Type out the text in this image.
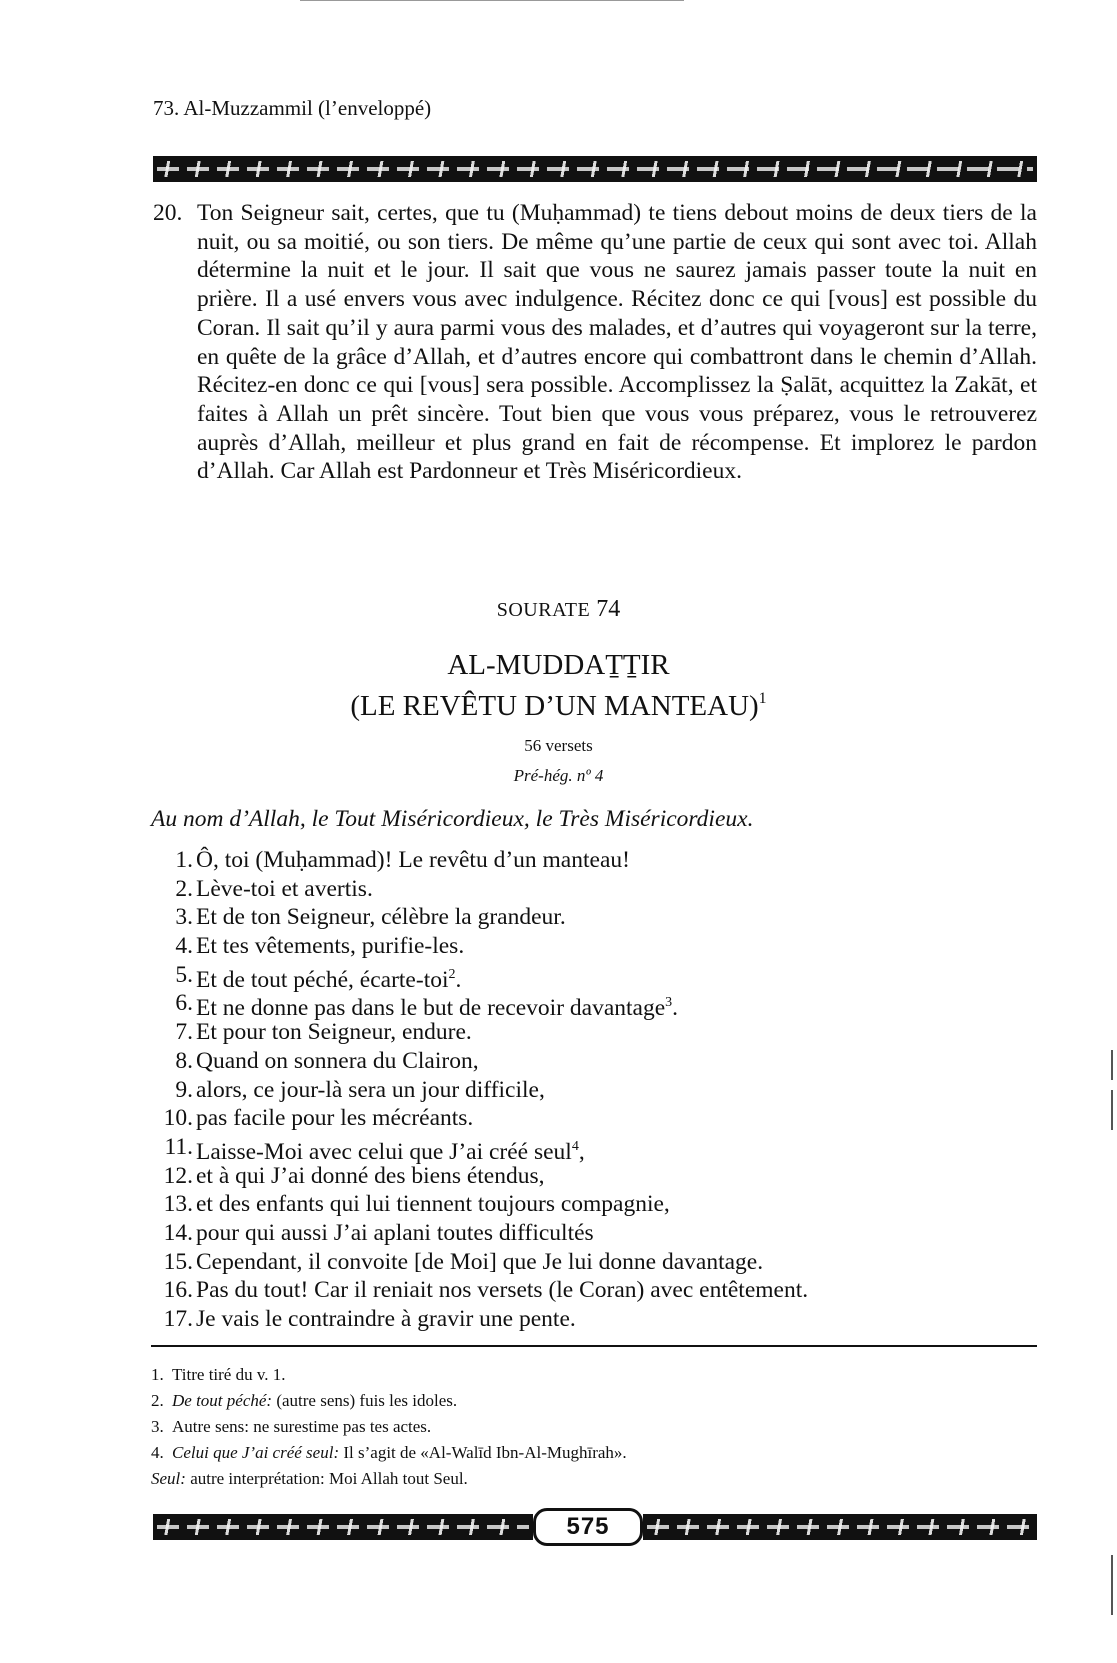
73. Al-Muzzammil (l’enveloppé)
20. Ton Seigneur sait, certes, que tu (Muḥammad) te tiens debout moins de deux tiers de la nuit, ou sa moitié, ou son tiers. De même qu’une partie de ceux qui sont avec toi. Allah détermine la nuit et le jour. Il sait que vous ne saurez jamais passer toute la nuit en prière. Il a usé envers vous avec indulgence. Récitez donc ce qui [vous] est possible du Coran. Il sait qu’il y aura parmi vous des malades, et d’autres qui voyageront sur la terre, en quête de la grâce d’Allah, et d’autres encore qui combattront dans le chemin d’Allah. Récitez-en donc ce qui [vous] sera possible. Accomplissez la Ṣalāt, acquittez la Zakāt, et faites à Allah un prêt sincère. Tout bien que vous vous préparez, vous le retrouverez auprès d’Allah, meilleur et plus grand en fait de récompense. Et implorez le pardon d’Allah. Car Allah est Pardonneur et Très Miséricordieux.
SOURATE 74
AL-MUDDAṮṮIR
(LE REVÊTU D’UN MANTEAU)$^1$
56 versets
Pré-hég. nº 4
Au nom d’Allah, le Tout Miséricordieux, le Très Miséricordieux.
1. Ô, toi (Muḥammad)! Le revêtu d’un manteau!
2. Lève-toi et avertis.
3. Et de ton Seigneur, célèbre la grandeur.
4. Et tes vêtements, purifie-les.
5. Et de tout péché, écarte-toi$^2$.
6. Et ne donne pas dans le but de recevoir davantage$^3$.
7. Et pour ton Seigneur, endure.
8. Quand on sonnera du Clairon,
9. alors, ce jour-là sera un jour difficile,
10. pas facile pour les mécréants.
11. Laisse-Moi avec celui que J’ai créé seul$^4$,
12. et à qui J’ai donné des biens étendus,
13. et des enfants qui lui tiennent toujours compagnie,
14. pour qui aussi J’ai aplani toutes difficultés
15. Cependant, il convoite [de Moi] que Je lui donne davantage.
16. Pas du tout! Car il reniait nos versets (le Coran) avec entêtement.
17. Je vais le contraindre à gravir une pente.
1. Titre tiré du v. 1.
2. De tout péché: (autre sens) fuis les idoles.
3. Autre sens: ne surestime pas tes actes.
4. Celui que J’ai créé seul: Il s’agit de «Al-Walīd Ibn-Al-Mughīrah».
Seul: autre interprétation: Moi Allah tout Seul.
575
